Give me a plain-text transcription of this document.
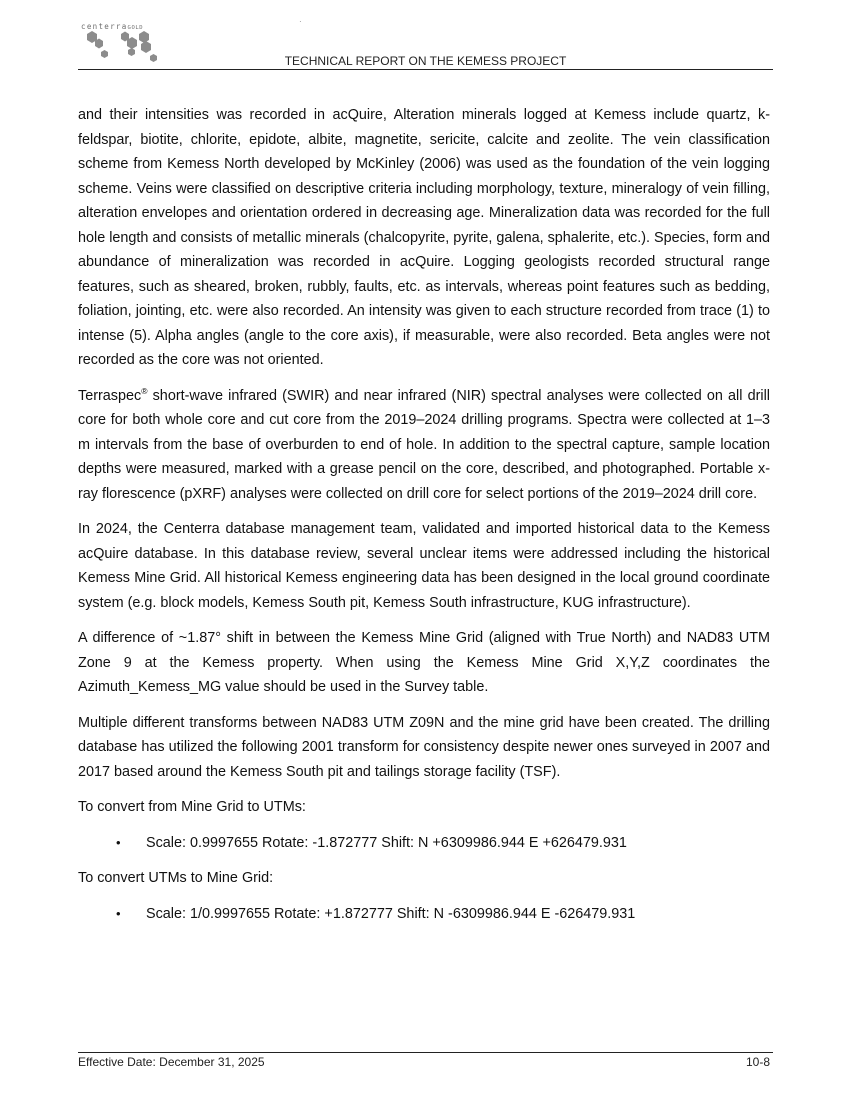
centerraGOLD
·
TECHNICAL REPORT ON THE KEMESS PROJECT

and their intensities was recorded in acQuire, Alteration minerals logged at Kemess include quartz, k-feldspar, biotite, chlorite, epidote, albite, magnetite, sericite, calcite and zeolite. The vein classification scheme from Kemess North developed by McKinley (2006) was used as the foundation of the vein logging scheme. Veins were classified on descriptive criteria including morphology, texture, mineralogy of vein filling, alteration envelopes and orientation ordered in decreasing age. Mineralization data was recorded for the full hole length and consists of metallic minerals (chalcopyrite, pyrite, galena, sphalerite, etc.). Species, form and abundance of mineralization was recorded in acQuire. Logging geologists recorded structural range features, such as sheared, broken, rubbly, faults, etc. as intervals, whereas point features such as bedding, foliation, jointing, etc. were also recorded. An intensity was given to each structure recorded from trace (1) to intense (5). Alpha angles (angle to the core axis), if measurable, were also recorded. Beta angles were not recorded as the core was not oriented.

Terraspec® short-wave infrared (SWIR) and near infrared (NIR) spectral analyses were collected on all drill core for both whole core and cut core from the 2019–2024 drilling programs. Spectra were collected at 1–3 m intervals from the base of overburden to end of hole. In addition to the spectral capture, sample location depths were measured, marked with a grease pencil on the core, described, and photographed. Portable x-ray florescence (pXRF) analyses were collected on drill core for select portions of the 2019–2024 drill core.

In 2024, the Centerra database management team, validated and imported historical data to the Kemess acQuire database. In this database review, several unclear items were addressed including the historical Kemess Mine Grid. All historical Kemess engineering data has been designed in the local ground coordinate system (e.g. block models, Kemess South pit, Kemess South infrastructure, KUG infrastructure).

A difference of ~1.87° shift in between the Kemess Mine Grid (aligned with True North) and NAD83 UTM Zone 9 at the Kemess property. When using the Kemess Mine Grid X,Y,Z coordinates the Azimuth_Kemess_MG value should be used in the Survey table.

Multiple different transforms between NAD83 UTM Z09N and the mine grid have been created. The drilling database has utilized the following 2001 transform for consistency despite newer ones surveyed in 2007 and 2017 based around the Kemess South pit and tailings storage facility (TSF).

To convert from Mine Grid to UTMs:

• Scale: 0.9997655 Rotate: -1.872777 Shift: N +6309986.944 E +626479.931

To convert UTMs to Mine Grid:

• Scale: 1/0.9997655 Rotate: +1.872777 Shift: N -6309986.944 E -626479.931
Effective Date: December 31, 2025	10-8
